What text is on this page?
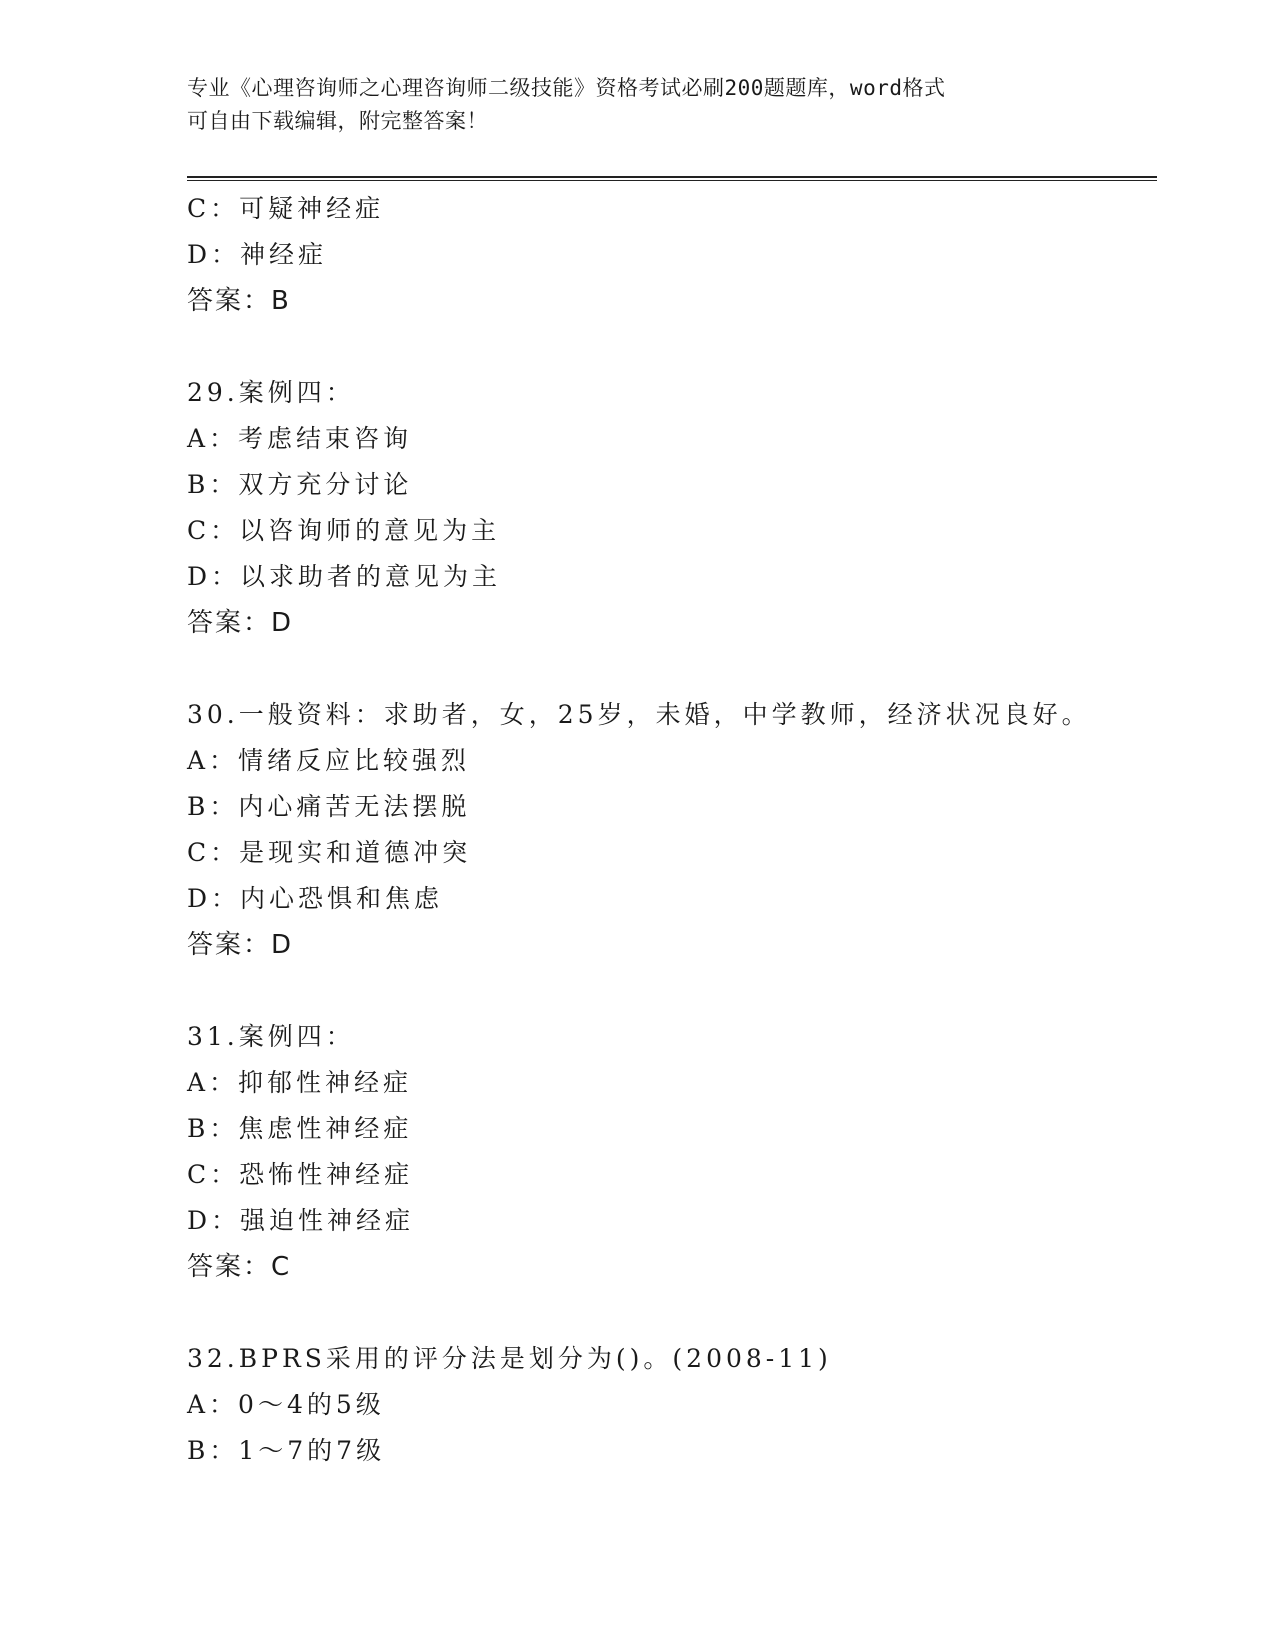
专业《心理咨询师之心理咨询师二级技能》资格考试必刷200题题库，word格式
可自由下载编辑，附完整答案！

C：可疑神经症

D：神经症

答案：B

29.案例四：

A：考虑结束咨询

B：双方充分讨论

C：以咨询师的意见为主

D：以求助者的意见为主

答案：D

30.一般资料：求助者，女，25岁，未婚，中学教师，经济状况良好。

A：情绪反应比较强烈

B：内心痛苦无法摆脱

C：是现实和道德冲突

D：内心恐惧和焦虑

答案：D

31.案例四：

A：抑郁性神经症

B：焦虑性神经症

C：恐怖性神经症

D：强迫性神经症

答案：C

32.BPRS采用的评分法是划分为()。(2008-11)

A：0～4的5级

B：1～7的7级
